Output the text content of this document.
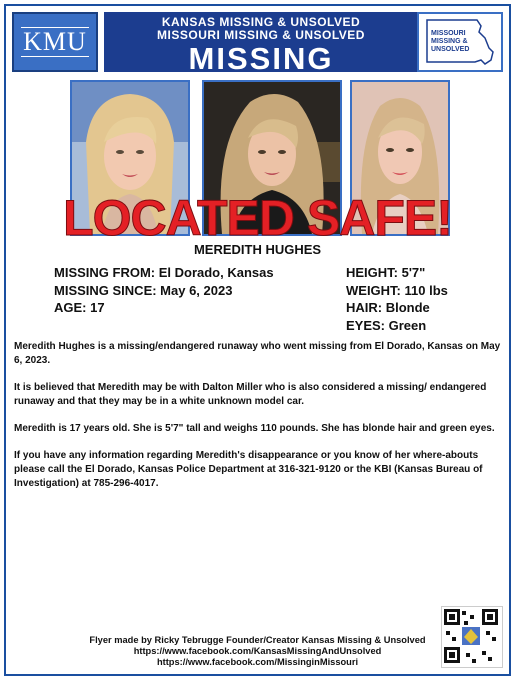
KMU
KANSAS MISSING & UNSOLVED
MISSOURI MISSING & UNSOLVED
MISSING
MISSOURI
MISSING &
UNSOLVED
LOCATED SAFE!
MEREDITH HUGHES
MISSING FROM: El Dorado, Kansas
MISSING SINCE: May 6, 2023
AGE: 17
HEIGHT: 5'7"
WEIGHT: 110 lbs
HAIR: Blonde
EYES: Green

Meredith Hughes is a missing/endangered runaway who went missing from El Dorado, Kansas on May 6, 2023.

It is believed that Meredith may be with Dalton Miller who is also considered a missing/ endangered runaway and that they may be in a white unknown model car.

Meredith is 17 years old. She is 5'7" tall and weighs 110 pounds. She has blonde hair and green eyes.

If you have any information regarding Meredith's disappearance or you know of her where-abouts please call the El Dorado, Kansas Police Department at 316-321-9120 or the KBI (Kansas Bureau of Investigation) at 785-296-4017.

Flyer made by Ricky Tebrugge Founder/Creator Kansas Missing & Unsolved
https://www.facebook.com/KansasMissingAndUnsolved
https://www.facebook.com/MissinginMissouri
